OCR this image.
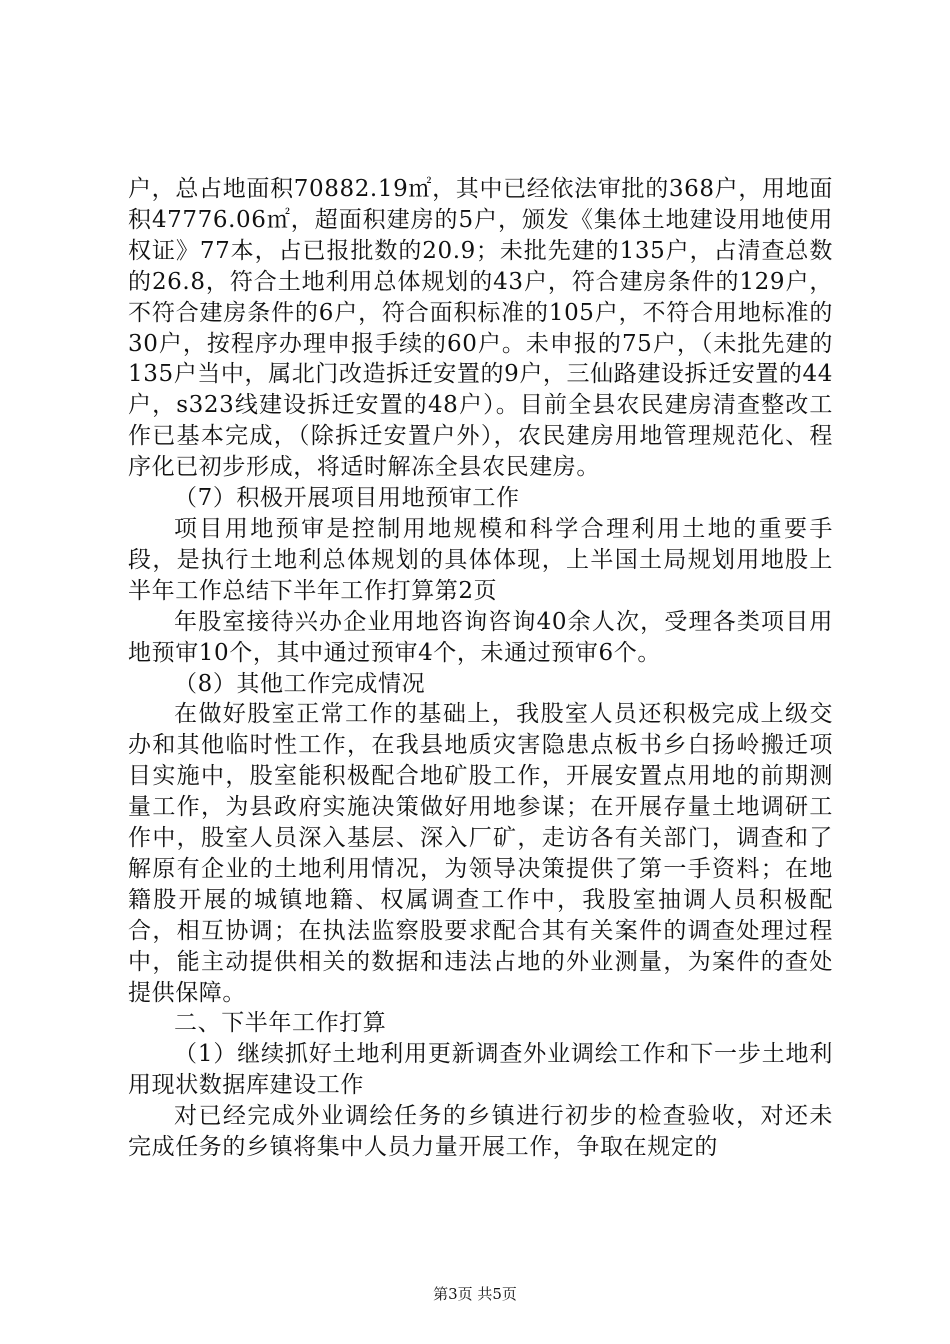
户，总占地面积70882.19㎡，其中已经依法审批的368户，用地面积47776.06㎡，超面积建房的5户，颁发《集体土地建设用地使用权证》77本，占已报批数的20.9；未批先建的135户，占清查总数的26.8，符合土地利用总体规划的43户，符合建房条件的129户，不符合建房条件的6户，符合面积标准的105户，不符合用地标准的30户，按程序办理申报手续的60户。未申报的75户，（未批先建的135户当中，属北门改造拆迁安置的9户，三仙路建设拆迁安置的44户，s323线建设拆迁安置的48户）。目前全县农民建房清查整改工作已基本完成，（除拆迁安置户外），农民建房用地管理规范化、程序化已初步形成，将适时解冻全县农民建房。

（7）积极开展项目用地预审工作

项目用地预审是控制用地规模和科学合理利用土地的重要手段，是执行土地利总体规划的具体体现，上半国土局规划用地股上半年工作总结下半年工作打算第2页

年股室接待兴办企业用地咨询咨询40余人次，受理各类项目用地预审10个，其中通过预审4个，未通过预审6个。

（8）其他工作完成情况

在做好股室正常工作的基础上，我股室人员还积极完成上级交办和其他临时性工作，在我县地质灾害隐患点板书乡白扬岭搬迁项目实施中，股室能积极配合地矿股工作，开展安置点用地的前期测量工作，为县政府实施决策做好用地参谋；在开展存量土地调研工作中，股室人员深入基层、深入厂矿，走访各有关部门，调查和了解原有企业的土地利用情况，为领导决策提供了第一手资料；在地籍股开展的城镇地籍、权属调查工作中，我股室抽调人员积极配合，相互协调；在执法监察股要求配合其有关案件的调查处理过程中，能主动提供相关的数据和违法占地的外业测量，为案件的查处提供保障。

二、下半年工作打算

（1）继续抓好土地利用更新调查外业调绘工作和下一步土地利用现状数据库建设工作

对已经完成外业调绘任务的乡镇进行初步的检查验收，对还未完成任务的乡镇将集中人员力量开展工作，争取在规定的

第3页 共5页
